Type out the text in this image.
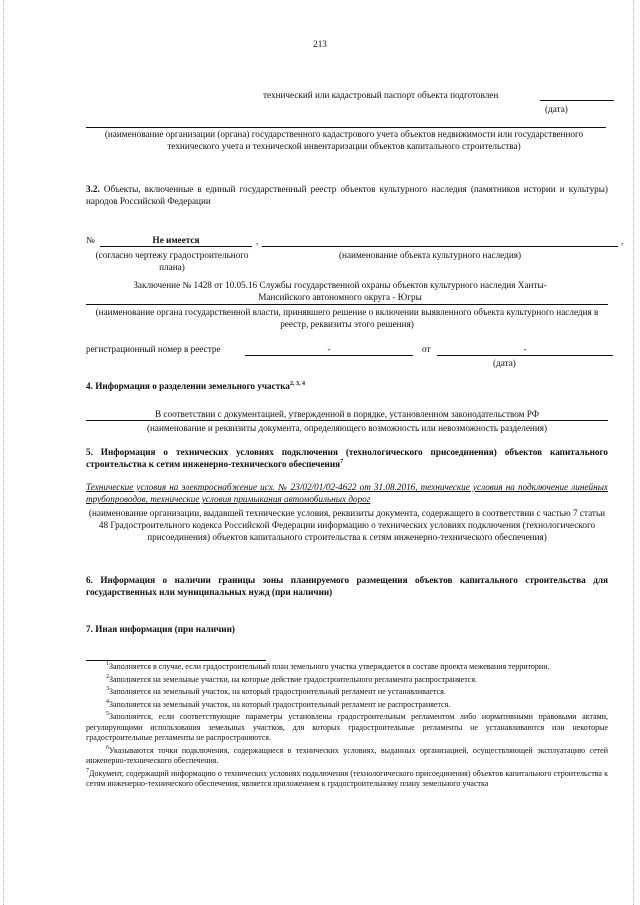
213
технический или кадастровый паспорт объекта подготовлен
(дата)
(наименование организации (органа) государственного кадастрового учета объектов недвижимости или государственного технического учета и технической инвентаризации объектов капитального строительства)
3.2. Объекты, включенные в единый государственный реестр объектов культурного наследия (памятников истории и культуры) народов Российской Федерации
№	Не имеется	,	,
(согласно чертежу градостроительного плана)
(наименование объекта культурного наследия)
Заключение № 1428 от 10.05.16 Службы государственной охраны объектов культурного наследия Ханты-Мансийского автономного округа - Югры
(наименование органа государственной власти, принявшего решение о включении выявленного объекта культурного наследия в реестр, реквизиты этого решения)
регистрационный номер в реестре	-	от	-
(дата)
4. Информация о разделении земельного участка$^{2, 3, 4}$
В соответствии с документацией, утвержденной в порядке, установленном законодательством РФ
(наименование и реквизиты документа, определяющего возможность или невозможность разделения)
5. Информация о технических условиях подключения (технологического присоединения) объектов капитального строительства к сетям инженерно-технического обеспечения$^7$
Технические условия на электроснабжение исх. № 23/02/01/02-4622 от 31.08.2016, технические условия на подключение линейных трубопроводов, технические условия примыкания автомобильных дорог
(наименование организации, выдавшей технические условия, реквизиты документа, содержащего в соответствии с частью 7 статьи 48 Градостроительного кодекса Российской Федерации информацию о технических условиях подключения (технологического присоединения) объектов капитального строительства к сетям инженерно-технического обеспечения)
6. Информация о наличии границы зоны планируемого размещения объектов капитального строительства для государственных или муниципальных нужд (при наличии)
7. Иная информация (при наличии)
$^1$Заполняется в случае, если градостроительный план земельного участка утверждается в составе проекта межевания территории.
$^2$Заполняется на земельные участки, на которые действие градостроительного регламента распространяется.
$^3$Заполняется на земельный участок, на который градостроительный регламент не устанавливается.
$^4$Заполняется на земельный участок, на который градостроительный регламент не распространяется.
$^5$Заполняется, если соответствующие параметры установлены градостроительным регламентом либо нормативными правовыми актами, регулирующими использования земельных участков, для которых градостроительные регламенты не устанавливаются или некоторые градостроительные регламенты не распространяются.
$^6$Указываются точки подключения, содержащиеся в технических условиях, выданных организацией, осуществляющей эксплуатацию сетей инженерно-технического обеспечения.
$^7$Документ, содержащий информацию о технических условиях подключения (технологического присоединения) объектов капитального строительства к сетям инженерно-технического обеспечения, является приложением к градостроительному плану земельного участка
